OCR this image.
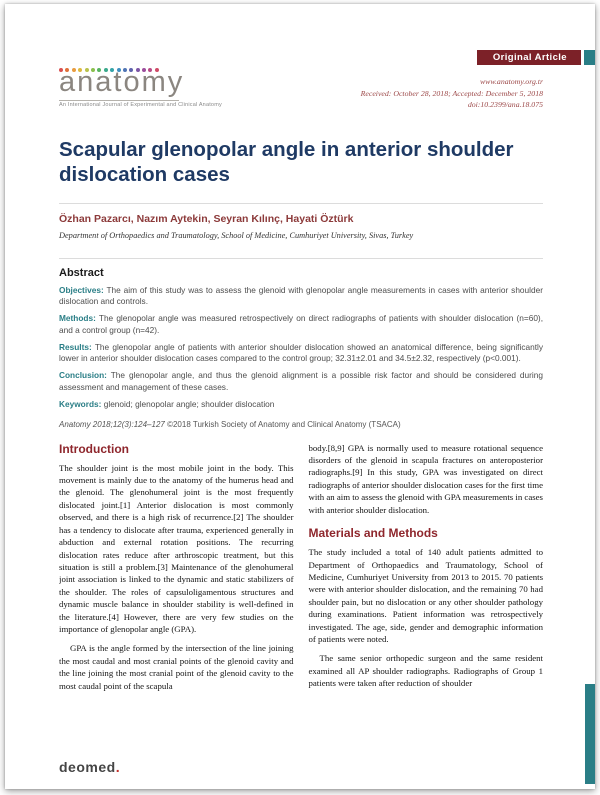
Original Article
anatomy
An International Journal of Experimental and Clinical Anatomy
www.anatomy.org.tr
Received: October 28, 2018; Accepted: December 5, 2018
doi:10.2399/ana.18.075
Scapular glenopolar angle in anterior shoulder dislocation cases
Özhan Pazarcı, Nazım Aytekin, Seyran Kılınç, Hayati Öztürk
Department of Orthopaedics and Traumatology, School of Medicine, Cumhuriyet University, Sivas, Turkey
Abstract

Objectives: The aim of this study was to assess the glenoid with glenopolar angle measurements in cases with anterior shoulder dislocation and controls.

Methods: The glenopolar angle was measured retrospectively on direct radiographs of patients with shoulder dislocation (n=60), and a control group (n=42).

Results: The glenopolar angle of patients with anterior shoulder dislocation showed an anatomical difference, being significantly lower in anterior shoulder dislocation cases compared to the control group; 32.31±2.01 and 34.5±2.32, respectively (p<0.001).

Conclusion: The glenopolar angle, and thus the glenoid alignment is a possible risk factor and should be considered during assessment and management of these cases.

Keywords: glenoid; glenopolar angle; shoulder dislocation

Anatomy 2018;12(3):124–127 ©2018 Turkish Society of Anatomy and Clinical Anatomy (TSACA)

Introduction

The shoulder joint is the most mobile joint in the body. This movement is mainly due to the anatomy of the humerus head and the glenoid. The glenohumeral joint is the most frequently dislocated joint.[1] Anterior dislocation is most commonly observed, and there is a high risk of recurrence.[2] The shoulder has a tendency to dislocate after trauma, experienced generally in abduction and external rotation positions. The recurring dislocation rates reduce after arthroscopic treatment, but this situation is still a problem.[3] Maintenance of the glenohumeral joint association is linked to the dynamic and static stabilizers of the shoulder. The roles of capsuloligamentous structures and dynamic muscle balance in shoulder stability is well-defined in the literature.[4] However, there are very few studies on the importance of glenopolar angle (GPA).

GPA is the angle formed by the intersection of the line joining the most caudal and most cranial points of the glenoid cavity and the line joining the most cranial point of the glenoid cavity to the most caudal point of the scapula

body.[8,9] GPA is normally used to measure rotational sequence disorders of the glenoid in scapula fractures on anteroposterior radiographs.[9] In this study, GPA was investigated on direct radiographs of anterior shoulder dislocation cases for the first time with an aim to assess the glenoid with GPA measurements in cases with anterior shoulder dislocation.

Materials and Methods

The study included a total of 140 adult patients admitted to Department of Orthopaedics and Traumatology, School of Medicine, Cumhuriyet University from 2013 to 2015. 70 patients were with anterior shoulder dislocation, and the remaining 70 had shoulder pain, but no dislocation or any other shoulder pathology during examinations. Patient information was retrospectively investigated. The age, side, gender and demographic information of patients were noted.

The same senior orthopedic surgeon and the same resident examined all AP shoulder radiographs. Radiographs of Group 1 patients were taken after reduction of shoulder

deomed.
